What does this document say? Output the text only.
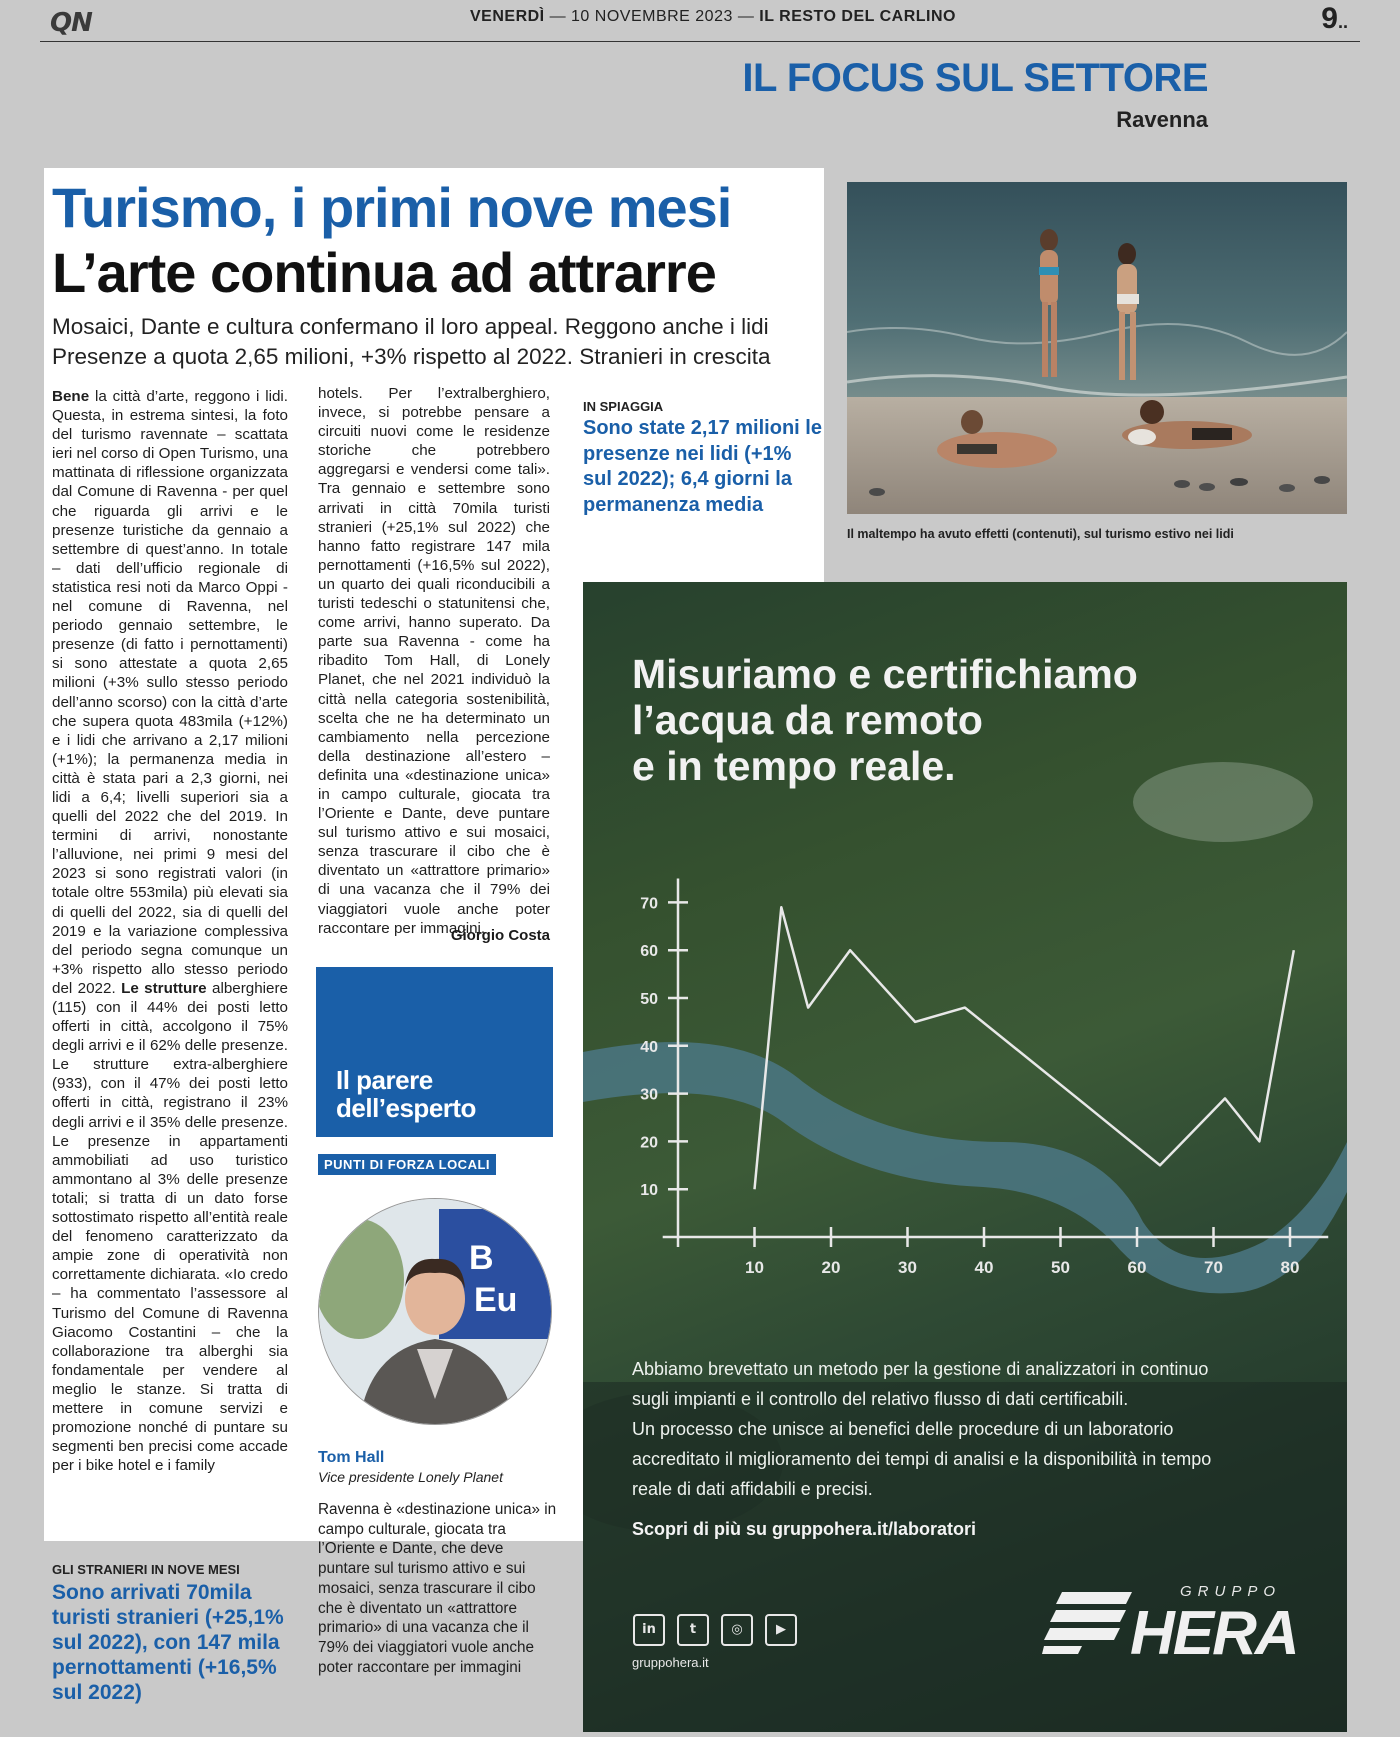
QN	VENERDÌ — 10 NOVEMBRE 2023 — IL RESTO DEL CARLINO	9..
IL FOCUS SUL SETTORE
Ravenna
Turismo, i primi nove mesi
L’arte continua ad attrarre
Mosaici, Dante e cultura confermano il loro appeal. Reggono anche i lidi
Presenze a quota 2,65 milioni, +3% rispetto al 2022. Stranieri in crescita
Bene la città d’arte, reggono i lidi. Questa, in estrema sintesi, la foto del turismo ravennate – scattata ieri nel corso di Open Turismo, una mattinata di riflessione organizzata dal Comune di Ravenna - per quel che riguarda gli arrivi e le presenze turistiche da gennaio a settembre di quest’anno. In totale – dati dell’ufficio regionale di statistica resi noti da Marco Oppi - nel comune di Ravenna, nel periodo gennaio settembre, le presenze (di fatto i pernottamenti) si sono attestate a quota 2,65 milioni (+3% sullo stesso periodo dell’anno scorso) con la città d’arte che supera quota 483mila (+12%) e i lidi che arrivano a 2,17 milioni (+1%); la permanenza media in città è stata pari a 2,3 giorni, nei lidi a 6,4; livelli superiori sia a quelli del 2022 che del 2019. In termini di arrivi, nonostante l’alluvione, nei primi 9 mesi del 2023 si sono registrati valori (in totale oltre 553mila) più elevati sia di quelli del 2022, sia di quelli del 2019 e la variazione complessiva del periodo segna comunque un +3% rispetto allo stesso periodo del 2022. Le strutture alberghiere (115) con il 44% dei posti letto offerti in città, accolgono il 75% degli arrivi e il 62% delle presenze. Le strutture extra-alberghiere (933), con il 47% dei posti letto offerti in città, registrano il 23% degli arrivi e il 35% delle presenze. Le presenze in appartamenti ammobiliati ad uso turistico ammontano al 3% delle presenze totali; si tratta di un dato forse sottostimato rispetto all’entità reale del fenomeno caratterizzato da ampie zone di operatività non correttamente dichiarata. «Io credo – ha commentato l’assessore al Turismo del Comune di Ravenna Giacomo Costantini – che la collaborazione tra alberghi sia fondamentale per vendere al meglio le stanze. Si tratta di mettere in comune servizi e promozione nonché di puntare su segmenti ben precisi come accade per i bike hotel e i family
hotels. Per l’extralberghiero, invece, si potrebbe pensare a circuiti nuovi come le residenze storiche che potrebbero aggregarsi e vendersi come tali». Tra gennaio e settembre sono arrivati in città 70mila turisti stranieri (+25,1% sul 2022) che hanno fatto registrare 147 mila pernottamenti (+16,5% sul 2022), un quarto dei quali riconducibili a turisti tedeschi o statunitensi che, come arrivi, hanno superato. Da parte sua Ravenna - come ha ribadito Tom Hall, di Lonely Planet, che nel 2021 individuò la città nella categoria sostenibilità, scelta che ne ha determinato un cambiamento nella percezione della destinazione all’estero – definita una «destinazione unica» in campo culturale, giocata tra l’Oriente e Dante, deve puntare sul turismo attivo e sui mosaici, senza trascurare il cibo che è diventato un «attrattore primario» di una vacanza che il 79% dei viaggiatori vuole anche poter raccontare per immagini.
Giorgio Costa
IN SPIAGGIA
Sono state 2,17 milioni le presenze nei lidi (+1% sul 2022); 6,4 giorni la permanenza media
Il maltempo ha avuto effetti (contenuti), sul turismo estivo nei lidi
Il parere
dell’esperto
PUNTI DI FORZA LOCALI
B
Eu
Tom Hall
Vice presidente Lonely Planet
Ravenna è «destinazione unica» in campo culturale, giocata tra l’Oriente e Dante, che deve puntare sul turismo attivo e sui mosaici, senza trascurare il cibo che è diventato un «attrattore primario» di una vacanza che il 79% dei viaggiatori vuole anche poter raccontare per immagini
GLI STRANIERI IN NOVE MESI
Sono arrivati 70mila turisti stranieri (+25,1% sul 2022), con 147 mila pernottamenti (+16,5% sul 2022)
10
20
30
40
50
60
70
10	20	30	40	50	60	70	80
Misuriamo e certifichiamo
l’acqua da remoto
e in tempo reale.
Abbiamo brevettato un metodo per la gestione di analizzatori in continuo
sugli impianti e il controllo del relativo flusso di dati certificabili.
Un processo che unisce ai benefici delle procedure di un laboratorio
accreditato il miglioramento dei tempi di analisi e la disponibilità in tempo
reale di dati affidabili e precisi.
Scopri di più su gruppohera.it/laboratori
in	t	◎	▶
gruppohera.it
GRUPPO
HERA
